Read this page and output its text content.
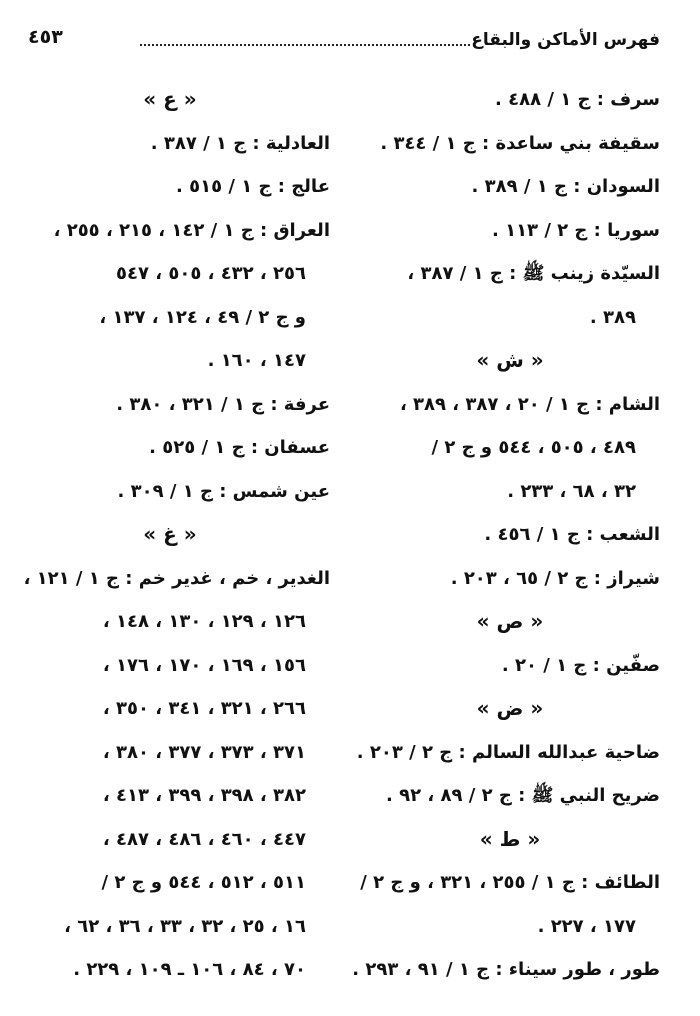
فهرس الأماكن والبقاع
٤٥٣
سرف : ج ١ / ٤٨٨ .
سقيفة بني ساعدة : ج ١ / ٣٤٤ .
السودان : ج ١ / ٣٨٩ .
سوريا : ج ٢ / ١١٣ .
السيّدة زينب ﷺ : ج ١ / ٣٨٧ ،
٣٨٩ .
« ش »
الشام : ج ١ / ٢٠ ، ٣٨٧ ، ٣٨٩ ،
٤٨٩ ، ٥٠٥ ، ٥٤٤ و ج ٢ /
٣٢ ، ٦٨ ، ٢٣٣ .
الشعب : ج ١ / ٤٥٦ .
شيراز : ج ٢ / ٦٥ ، ٢٠٣ .
« ص »
صفّين : ج ١ / ٢٠ .
« ض »
ضاحية عبدالله السالم : ج ٢ / ٢٠٣ .
ضريح النبي ﷺ : ج ٢ / ٨٩ ، ٩٢ .
« ط »
الطائف : ج ١ / ٢٥٥ ، ٣٢١ ، و ج ٢ /
١٧٧ ، ٢٢٧ .
طور ، طور سيناء : ج ١ / ٩١ ، ٢٩٣ .
« ع »
العادلية : ج ١ / ٣٨٧ .
عالج : ج ١ / ٥١٥ .
العراق : ج ١ / ١٤٢ ، ٢١٥ ، ٢٥٥ ،
٢٥٦ ، ٤٣٢ ، ٥٠٥ ، ٥٤٧
و ج ٢ / ٤٩ ، ١٢٤ ، ١٣٧ ،
١٤٧ ، ١٦٠ .
عرفة : ج ١ / ٣٢١ ، ٣٨٠ .
عسفان : ج ١ / ٥٢٥ .
عين شمس : ج ١ / ٣٠٩ .
« غ »
الغدير ، خم ، غدير خم : ج ١ / ١٢١ ،
١٢٦ ، ١٢٩ ، ١٣٠ ، ١٤٨ ،
١٥٦ ، ١٦٩ ، ١٧٠ ، ١٧٦ ،
٢٦٦ ، ٣٢١ ، ٣٤١ ، ٣٥٠ ،
٣٧١ ، ٣٧٣ ، ٣٧٧ ، ٣٨٠ ،
٣٨٢ ، ٣٩٨ ، ٣٩٩ ، ٤١٣ ،
٤٤٧ ، ٤٦٠ ، ٤٨٦ ، ٤٨٧ ،
٥١١ ، ٥١٢ ، ٥٤٤ و ج ٢ /
١٦ ، ٢٥ ، ٣٢ ، ٣٣ ، ٣٦ ، ٦٢ ،
٧٠ ، ٨٤ ، ١٠٦ ـ ١٠٩ ، ٢٢٩ .
